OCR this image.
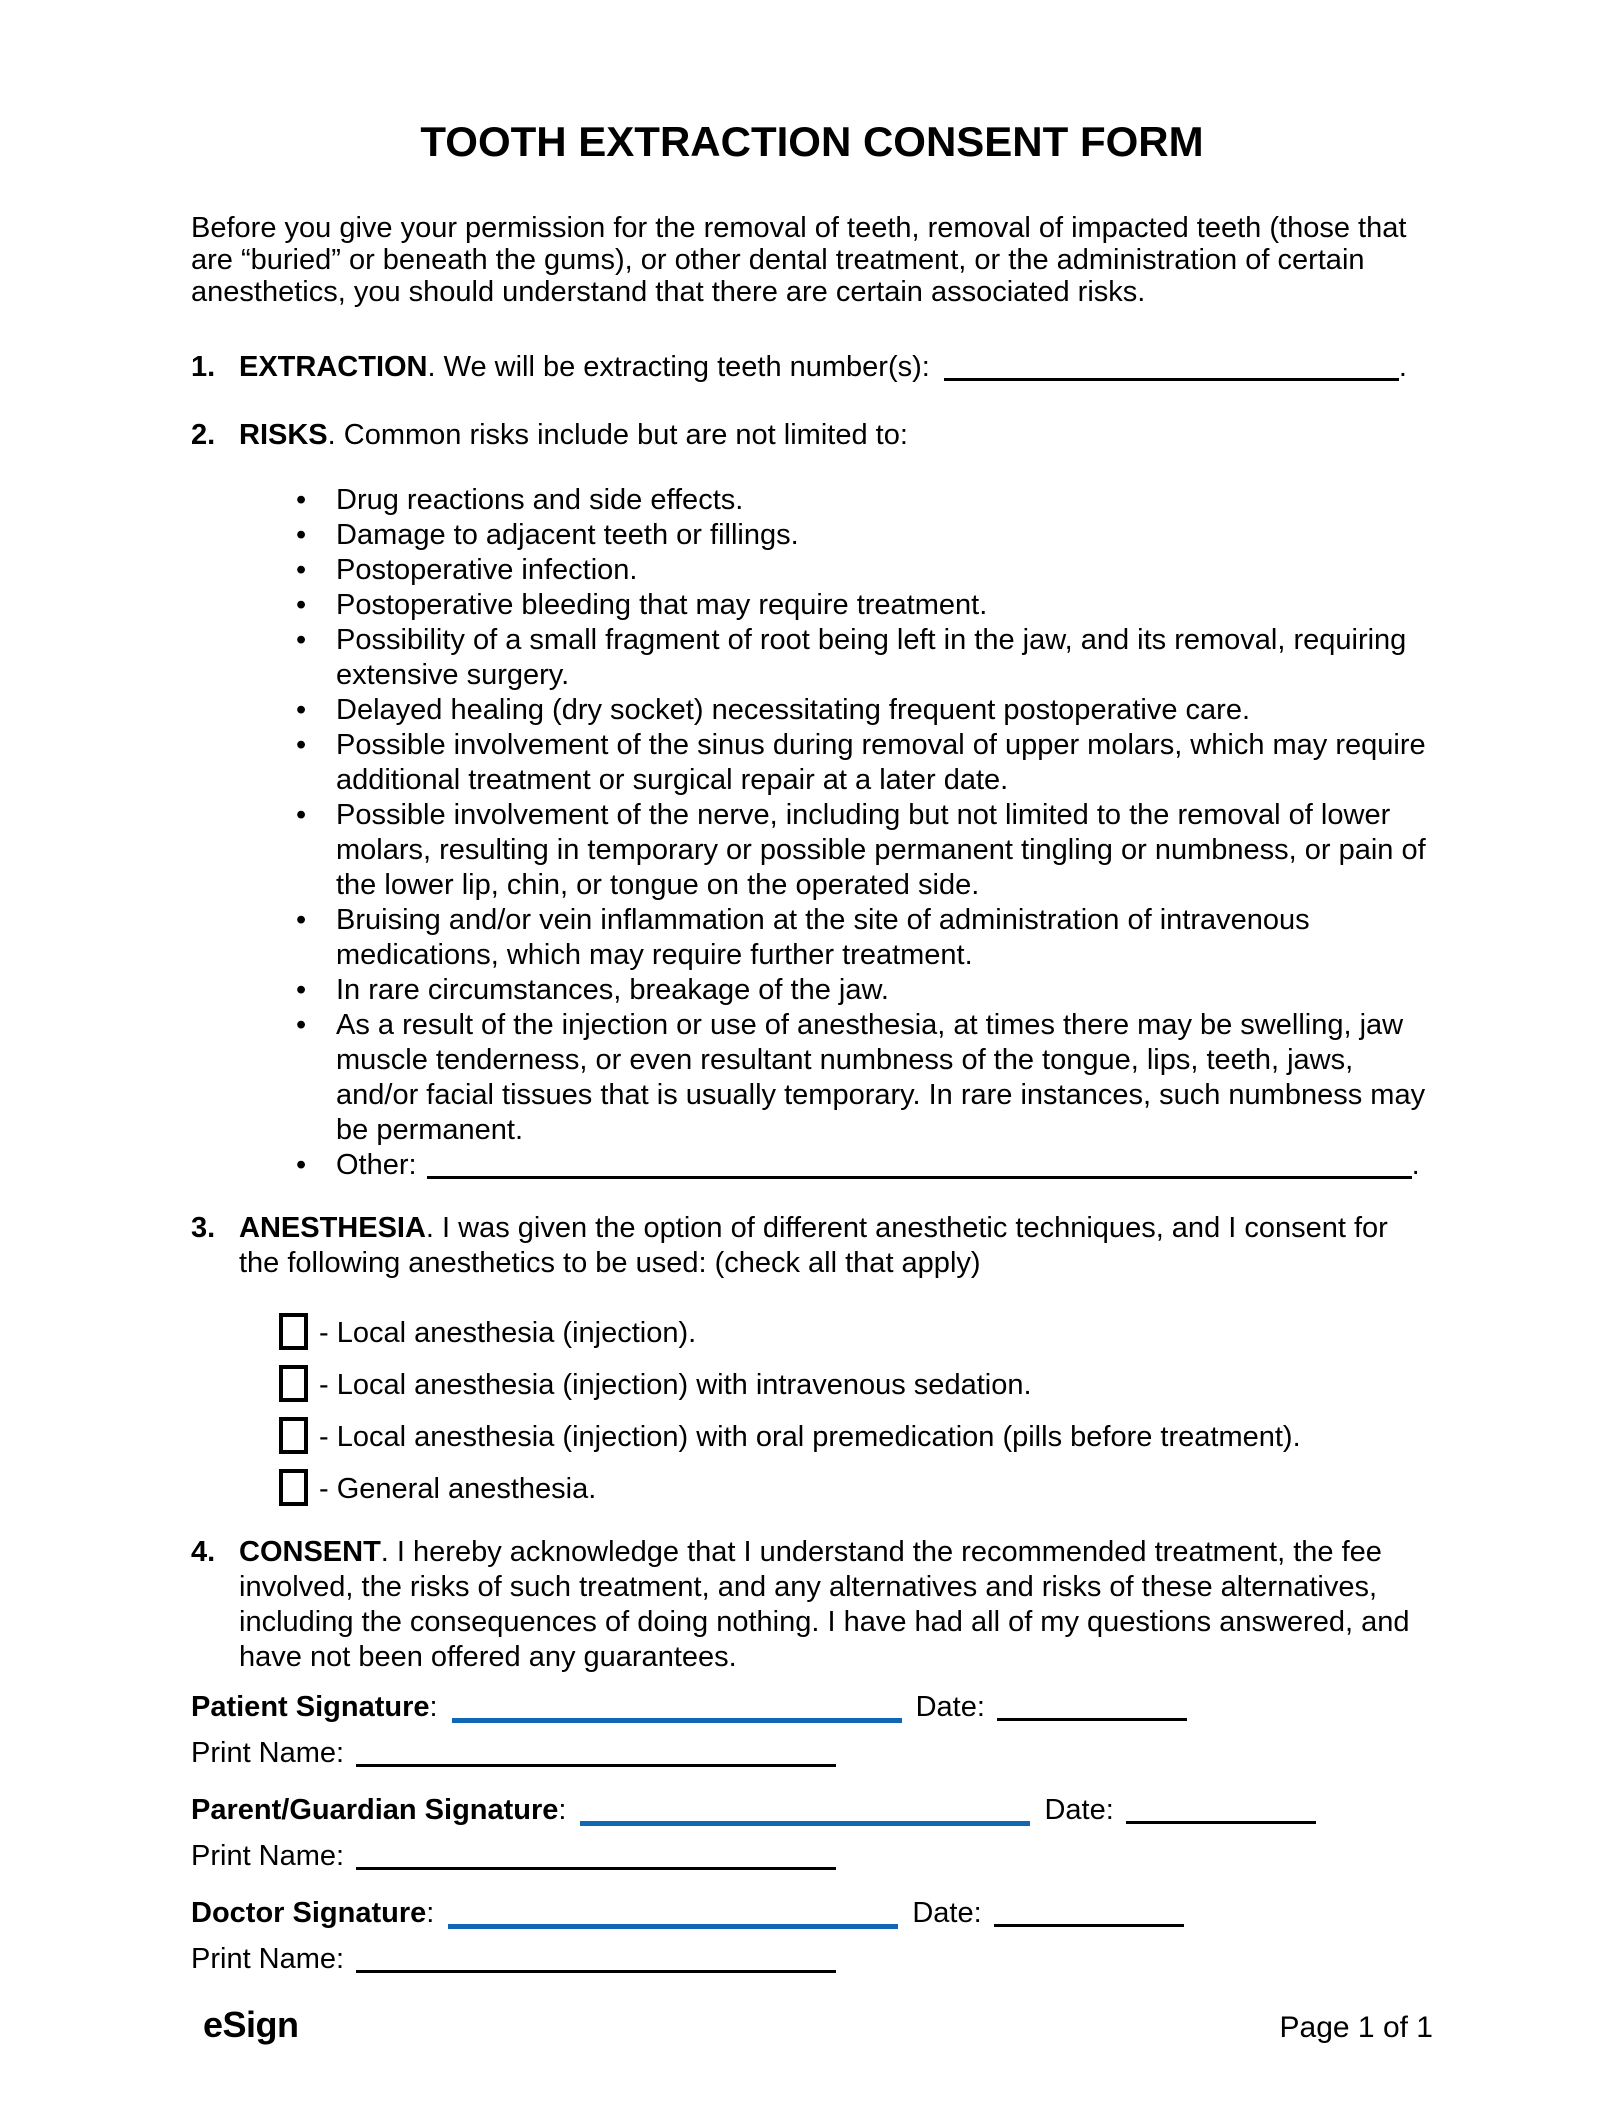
TOOTH EXTRACTION CONSENT FORM

Before you give your permission for the removal of teeth, removal of impacted teeth (those that are “buried” or beneath the gums), or other dental treatment, or the administration of certain anesthetics, you should understand that there are certain associated risks.

1. EXTRACTION. We will be extracting teeth number(s):	.
2. RISKS. Common risks include but are not limited to:
• Drug reactions and side effects.
• Damage to adjacent teeth or fillings.
• Postoperative infection.
• Postoperative bleeding that may require treatment.
• Possibility of a small fragment of root being left in the jaw, and its removal, requiring extensive surgery.
• Delayed healing (dry socket) necessitating frequent postoperative care.
• Possible involvement of the sinus during removal of upper molars, which may require additional treatment or surgical repair at a later date.
• Possible involvement of the nerve, including but not limited to the removal of lower molars, resulting in temporary or possible permanent tingling or numbness, or pain of the lower lip, chin, or tongue on the operated side.
• Bruising and/or vein inflammation at the site of administration of intravenous medications, which may require further treatment.
• In rare circumstances, breakage of the jaw.
• As a result of the injection or use of anesthesia, at times there may be swelling, jaw muscle tenderness, or even resultant numbness of the tongue, lips, teeth, jaws, and/or facial tissues that is usually temporary. In rare instances, such numbness may be permanent.
• Other:	.
3. ANESTHESIA. I was given the option of different anesthetic techniques, and I consent for the following anesthetics to be used: (check all that apply)
- Local anesthesia (injection).
- Local anesthesia (injection) with intravenous sedation.
- Local anesthesia (injection) with oral premedication (pills before treatment).
- General anesthesia.
4. CONSENT. I hereby acknowledge that I understand the recommended treatment, the fee involved, the risks of such treatment, and any alternatives and risks of these alternatives, including the consequences of doing nothing. I have had all of my questions answered, and have not been offered any guarantees.
Patient Signature:	Date:
Print Name:
Parent/Guardian Signature:	Date:
Print Name:
Doctor Signature:	Date:
Print Name:
eSign	Page 1 of 1
